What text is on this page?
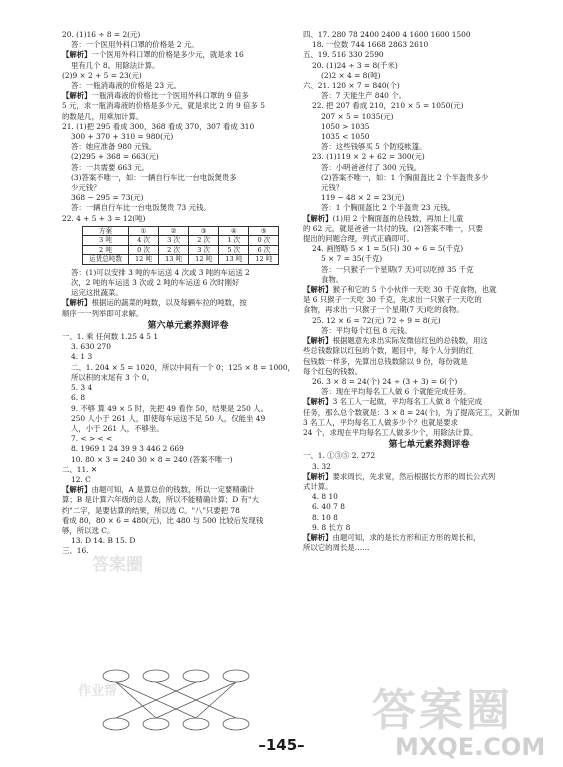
20. (1)16 ÷ 8 = 2(元)
答：一个医用外科口罩的价格是 2 元。
【解析】一个医用外科口罩的价格是多少元，就是求 16
里有几个 8。用除法计算。
(2)9 × 2 + 5 = 23(元)
答：一瓶消毒液的价格是 23 元。
【解析】一瓶消毒液的价格比一个医用外科口罩的 9 倍多
5 元，求一瓶消毒液的价格是多少元，就是求比 2 的 9 倍多 5
的数是几，用乘加计算。
21. (1)把 295 看成 300，368 看成 370，307 看成 310
300 + 370 + 310 = 980(元)
答：她应准备 980 元钱。
(2)295 + 368 = 663(元)
答：一共需要 663 元。
(3)答案不唯一，如：一辆自行车比一台电饭煲贵多
少元钱？
368 − 295 = 73(元)
答：一辆自行车比一台电饭煲贵 73 元钱。
22. 4 + 5 + 3 = 12(吨)
方案	①	②	③	④	⑤
3 吨	4 次	3 次	2 次	1 次	0 次
2 吨	0 次	2 次	3 次	5 次	6 次
运货总吨数	12 吨	13 吨	12 吨	13 吨	12 吨
答：(1)可以安排 3 吨的车运送 4 次或 3 吨的车运送 2
次，2 吨的车运送 3 次或 2 吨的车运送 6 次时刚好
运完这批蔬菜。
【解析】根据运的蔬菜的吨数，以及每辆车拉的吨数，按
顺序一一列举即可求解。
第六单元素养测评卷
一、1. 乘 任何数 1.25 4 5 1
3. 630 270
4. 1 3
二、1. 204 × 5 = 1020，所以中间有一个 0；125 × 8 = 1000，
所以积的末尾有 3 个 0。
5. 3 4
6. 8
9. 不够 算 49 × 5 时，先把 49 看作 50，结果是 250 人。
250 人小于 261 人，即使每车运送不足 50 人，仅能坐 49
人，小于 261 人，不够坐。
7. < > < <
8. 1969 1 24 39 9 3 446 2 669
10. 80 × 3 = 240 30 × 8 = 240 (答案不唯一)
二、11. ✕
12. C
【解析】由题可知，A 是算总价的钱数，所以一定要精确计
算；B 是计算六年级的总人数，所以不能精确计算；D 有"大
约"二字，是要估算的结果，所以选 C。"八"只要把 78
看成 80，80 × 6 = 480(元)，比 480 与 500 比较后发现钱
够，所以选 C。
13. D 14. B 15. D
三、16.
四、17. 280 78 2400 2400 4 1600 1600 1500
18. 一位数 744 1668 2863 2610
五、19. 516 330 2590
20. (1)24 ÷ 3 = 8(千米)
(2)2 × 4 = 8(吨)
六、21. 120 × 7 = 840(个)
答：7 天能生产 840 个。
22. 把 207 看成 210，210 × 5 = 1050(元)
207 × 5 = 1035(元)
1050 > 1035
1035 < 1050
答：这些钱够买 5 个防疫帐篷。
23. (1)119 × 2 + 62 = 300(元)
答：小明爸爸付了 300 元钱。
(2)答案不唯一，如：1 个胸面盔比 2 个半盔贵多少
元钱？
119 − 48 × 2 = 23(元)
答：1 个胸面盔比 2 个半盔贵 23 元钱。
【解析】(1)用 2 个胸面盔的总钱数，再加上儿童
的 62 元，就是爸爸一共付的钱。(2)答案不唯一，只要
提出的问题合理，列式正确即可。
24. 画图略 5 × 1 = 5(只) 30 ÷ 6 = 5(千克)
5 × 7 = 35(千克)
答：一只猴子一个星期(7 天)可以吃掉 35 千克
食物。
【解析】猴子和它的 5 个小伙伴一天吃 30 千克食物，也就
是 6 只猴子一天吃 30 千克，先求出一只猴子一天吃的
食物，再求出一只猴子一个星期(7 天)吃的食物。
25. 12 × 6 = 72(元) 72 ÷ 9 = 8(元)
答：平均每个红包 8 元钱。
【解析】根据题意先求出实际发微信红包的总钱数，用这
些总钱数除以红包的个数，题目中，每个人分到的红
包钱数一样多，先算出总钱数除以 9 份，每份就是
每个红包的钱数。
26. 3 × 8 = 24(个) 24 ÷ (3 + 3) = 6(个)
答：现在平均每名工人做 6 个就能完成任务。
【解析】3 名工人一起做，平均每名工人做 8 个能完成
任务，那么总个数就是：3 × 8 = 24(个)，为了提高完工，又新加
3 名工人，平均每名工人做多少个？也就是要求
24 个，求现在平均每名工人做多少个，用除法计算。
第七单元素养测评卷
一、1. ①③⑤ 2. 272
3. 32
【解析】要求周长，先求宽，然后根据长方形的周长公式列
式计算。
4. 8 10
6. 40 7 8
8. 10 8
9. 8 长方 8
【解析】由题可知，求的是长方形和正方形的周长和，
所以它的周长是……
答案圈
作业帮	答案圈
MXQE.COM
–145–
